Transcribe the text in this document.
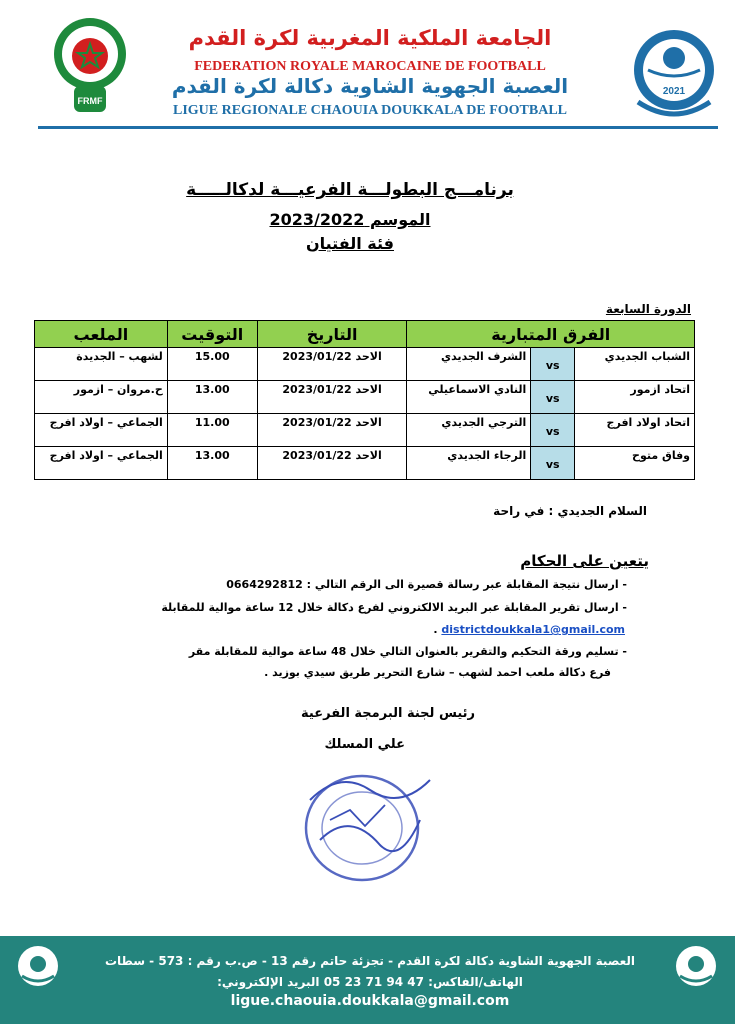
FRMF
2021
الجامعة الملكية المغربية لكرة القدم
FEDERATION ROYALE MAROCAINE DE FOOTBALL
العصبة الجهوية الشاوية دكالة لكرة القدم
LIGUE REGIONALE CHAOUIA DOUKKALA DE FOOTBALL
برنامـــج البطولـــة الفرعيـــة لدكالـــــة
الموسم 2023/2022
فئة الفتيان
الدورة السابعة
الفرق المتبارية			التاريخ	التوقيت	الملعب
الشباب الجديدي	vs	الشرف الجديدي	الاحد 2023/01/22	15.00	لشهب – الجديدة
اتحاد ازمور	vs	النادي الاسماعيلي	الاحد 2023/01/22	13.00	ح.مروان – ازمور
اتحاد اولاد افرج	vs	الترجي الجديدي	الاحد 2023/01/22	11.00	الجماعي – اولاد افرج
وفاق متوح	vs	الرجاء الجديدي	الاحد 2023/01/22	13.00	الجماعي – اولاد افرج
السلام الجديدي : في راحة
يتعين على الحكام
- ارسال نتيجة المقابلة عبر رسالة قصيرة الى الرقم التالي : 0664292812
- ارسال تقرير المقابلة عبر البريد الالكتروني لفرع دكالة خلال 12 ساعة موالية للمقابلة
districtdoukkala1@gmail.com .
- تسليم ورقة التحكيم والتقرير بالعنوان التالي خلال 48 ساعة موالية للمقابلة مقر
فرع دكالة ملعب احمد لشهب – شارع التحرير طريق سيدي بوزيد .
رئيس لجنة البرمجة الفرعية
علي المسلك
العصبة الجهوية الشاوية دكالة لكرة القدم - تجزئة حاتم رقم 13 - ص.ب رقم : 573 - سطات
الهاتف/الفاكس: 47 94 71 23 05 البريد الإلكتروني:
ligue.chaouia.doukkala@gmail.com
